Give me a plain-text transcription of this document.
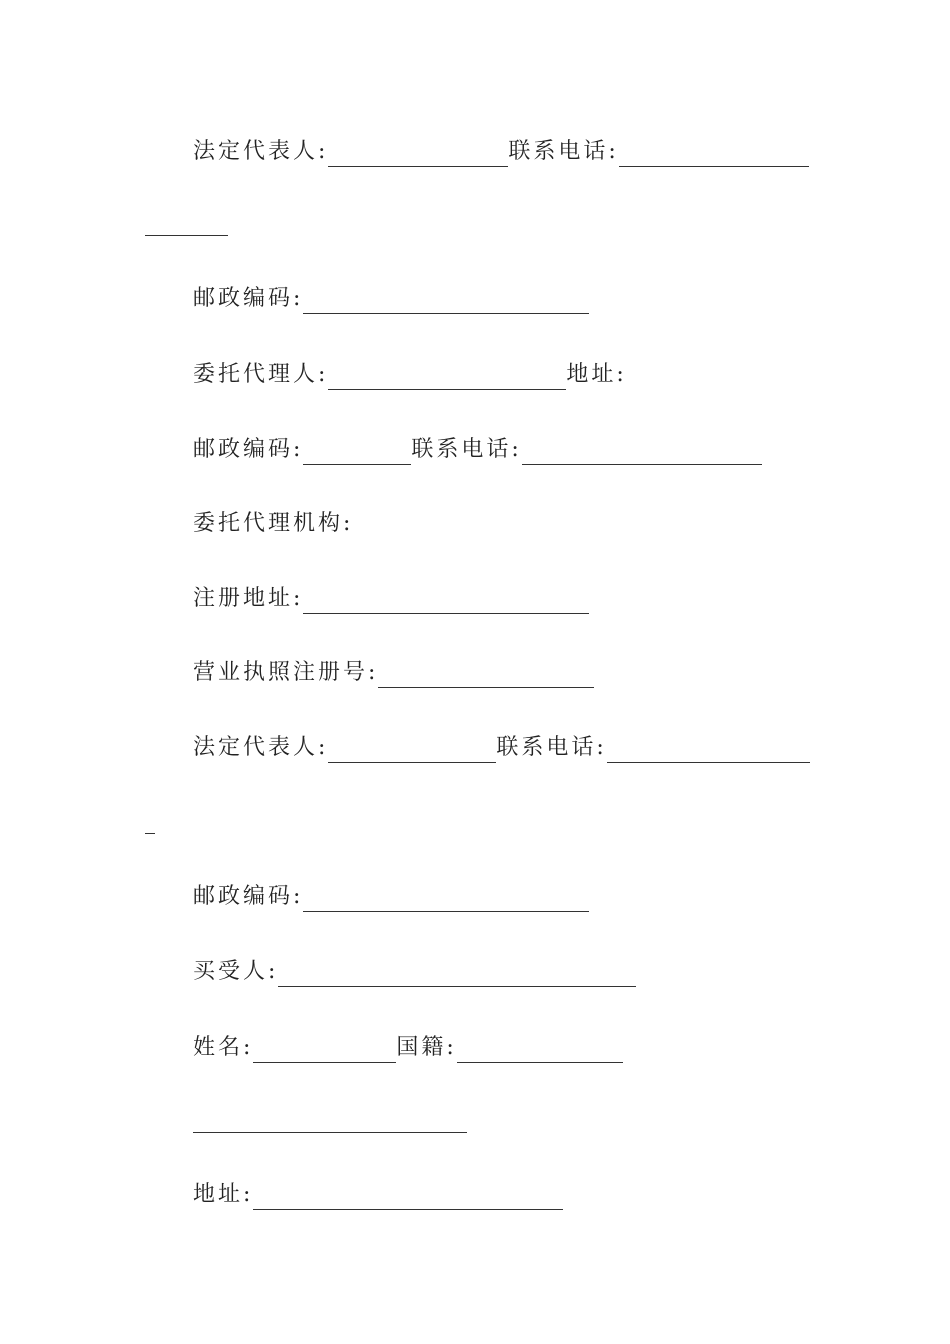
法定代表人:	联系电话:
邮政编码:
委托代理人:	地址:
邮政编码:	联系电话:
委托代理机构:
注册地址:
营业执照注册号:
法定代表人:	联系电话:
邮政编码:
买受人:
姓名:	国籍:
地址:
